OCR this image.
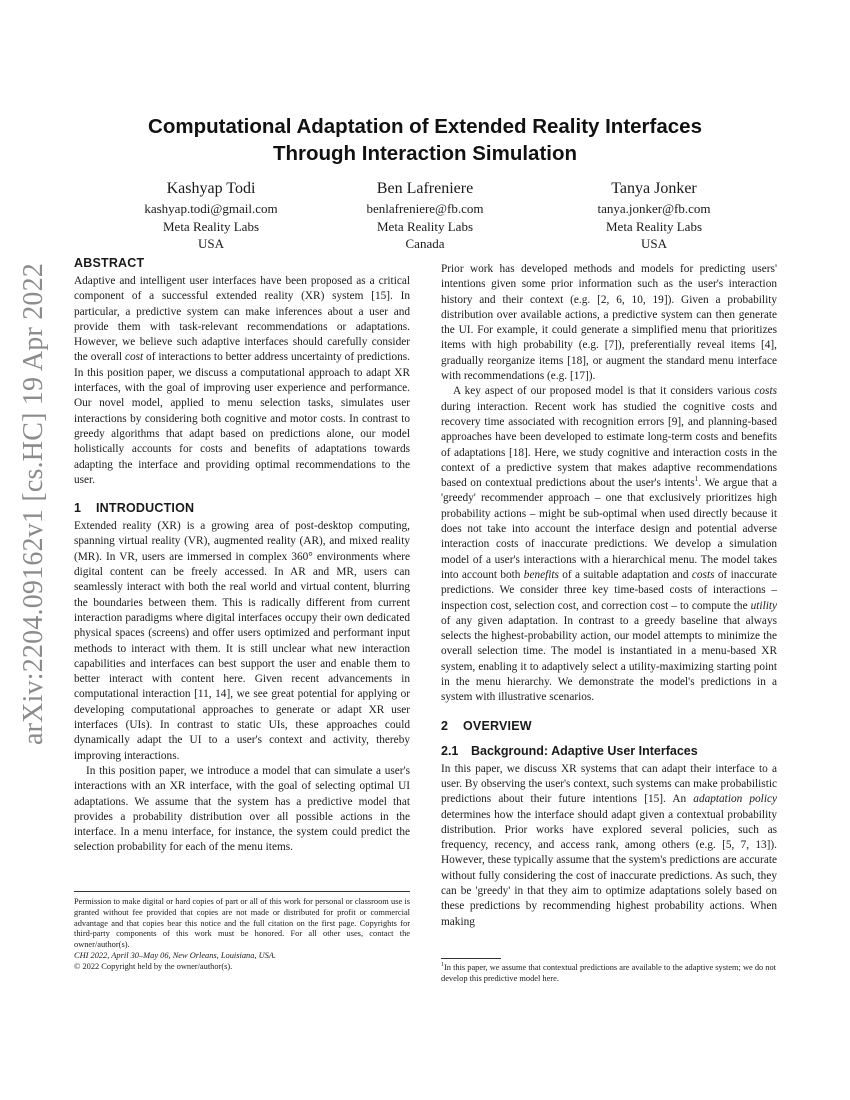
arXiv:2204.09162v1 [cs.HC] 19 Apr 2022
Computational Adaptation of Extended Reality Interfaces
Through Interaction Simulation
Kashyap Todi
kashyap.todi@gmail.com
Meta Reality Labs
USA
Ben Lafreniere
benlafreniere@fb.com
Meta Reality Labs
Canada
Tanya Jonker
tanya.jonker@fb.com
Meta Reality Labs
USA
ABSTRACT

Adaptive and intelligent user interfaces have been proposed as a critical component of a successful extended reality (XR) system [15]. In particular, a predictive system can make inferences about a user and provide them with task-relevant recommendations or adaptations. However, we believe such adaptive interfaces should carefully consider the overall cost of interactions to better address uncertainty of predictions. In this position paper, we discuss a computational approach to adapt XR interfaces, with the goal of improving user experience and performance. Our novel model, applied to menu selection tasks, simulates user interactions by considering both cognitive and motor costs. In contrast to greedy algorithms that adapt based on predictions alone, our model holistically accounts for costs and benefits of adaptations towards adapting the interface and providing optimal recommendations to the user.

1 INTRODUCTION

Extended reality (XR) is a growing area of post-desktop computing, spanning virtual reality (VR), augmented reality (AR), and mixed reality (MR). In VR, users are immersed in complex 360° environments where digital content can be freely accessed. In AR and MR, users can seamlessly interact with both the real world and virtual content, blurring the boundaries between them. This is radically different from current interaction paradigms where digital interfaces occupy their own dedicated physical spaces (screens) and offer users optimized and performant input methods to interact with them. It is still unclear what new interaction capabilities and interfaces can best support the user and enable them to better interact with content here. Given recent advancements in computational interaction [11, 14], we see great potential for applying or developing computational approaches to generate or adapt XR user interfaces (UIs). In contrast to static UIs, these approaches could dynamically adapt the UI to a user's context and activity, thereby improving interactions.

In this position paper, we introduce a model that can simulate a user's interactions with an XR interface, with the goal of selecting optimal UI adaptations. We assume that the system has a predictive model that provides a probability distribution over all possible actions in the interface. In a menu interface, for instance, the system could predict the selection probability for each of the menu items.

Permission to make digital or hard copies of part or all of this work for personal or classroom use is granted without fee provided that copies are not made or distributed for profit or commercial advantage and that copies bear this notice and the full citation on the first page. Copyrights for third-party components of this work must be honored. For all other uses, contact the owner/author(s).

CHI 2022, April 30–May 06, New Orleans, Louisiana, USA.
© 2022 Copyright held by the owner/author(s).

Prior work has developed methods and models for predicting users' intentions given some prior information such as the user's interaction history and their context (e.g. [2, 6, 10, 19]). Given a probability distribution over available actions, a predictive system can then generate the UI. For example, it could generate a simplified menu that prioritizes items with high probability (e.g. [7]), preferentially reveal items [4], gradually reorganize items [18], or augment the standard menu interface with recommendations (e.g. [17]).

A key aspect of our proposed model is that it considers various costs during interaction. Recent work has studied the cognitive costs and recovery time associated with recognition errors [9], and planning-based approaches have been developed to estimate long-term costs and benefits of adaptations [18]. Here, we study cognitive and interaction costs in the context of a predictive system that makes adaptive recommendations based on contextual predictions about the user's intents$^1$. We argue that a 'greedy' recommender approach – one that exclusively prioritizes high probability actions – might be sub-optimal when used directly because it does not take into account the interface design and potential adverse interaction costs of inaccurate predictions. We develop a simulation model of a user's interactions with a hierarchical menu. The model takes into account both benefits of a suitable adaptation and costs of inaccurate predictions. We consider three key time-based costs of interactions – inspection cost, selection cost, and correction cost – to compute the utility of any given adaptation. In contrast to a greedy baseline that always selects the highest-probability action, our model attempts to minimize the overall selection time. The model is instantiated in a menu-based XR system, enabling it to adaptively select a utility-maximizing starting point in the menu hierarchy. We demonstrate the model's predictions in a system with illustrative scenarios.

2 OVERVIEW
2.1 Background: Adaptive User Interfaces

In this paper, we discuss XR systems that can adapt their interface to a user. By observing the user's context, such systems can make probabilistic predictions about their future intentions [15]. An adaptation policy determines how the interface should adapt given a contextual probability distribution. Prior works have explored several policies, such as frequency, recency, and access rank, among others (e.g. [5, 7, 13]). However, these typically assume that the system's predictions are accurate without fully considering the cost of inaccurate predictions. As such, they can be 'greedy' in that they aim to optimize adaptations solely based on these predictions by recommending highest probability actions. When making

$^1$In this paper, we assume that contextual predictions are available to the adaptive system; we do not develop this predictive model here.
